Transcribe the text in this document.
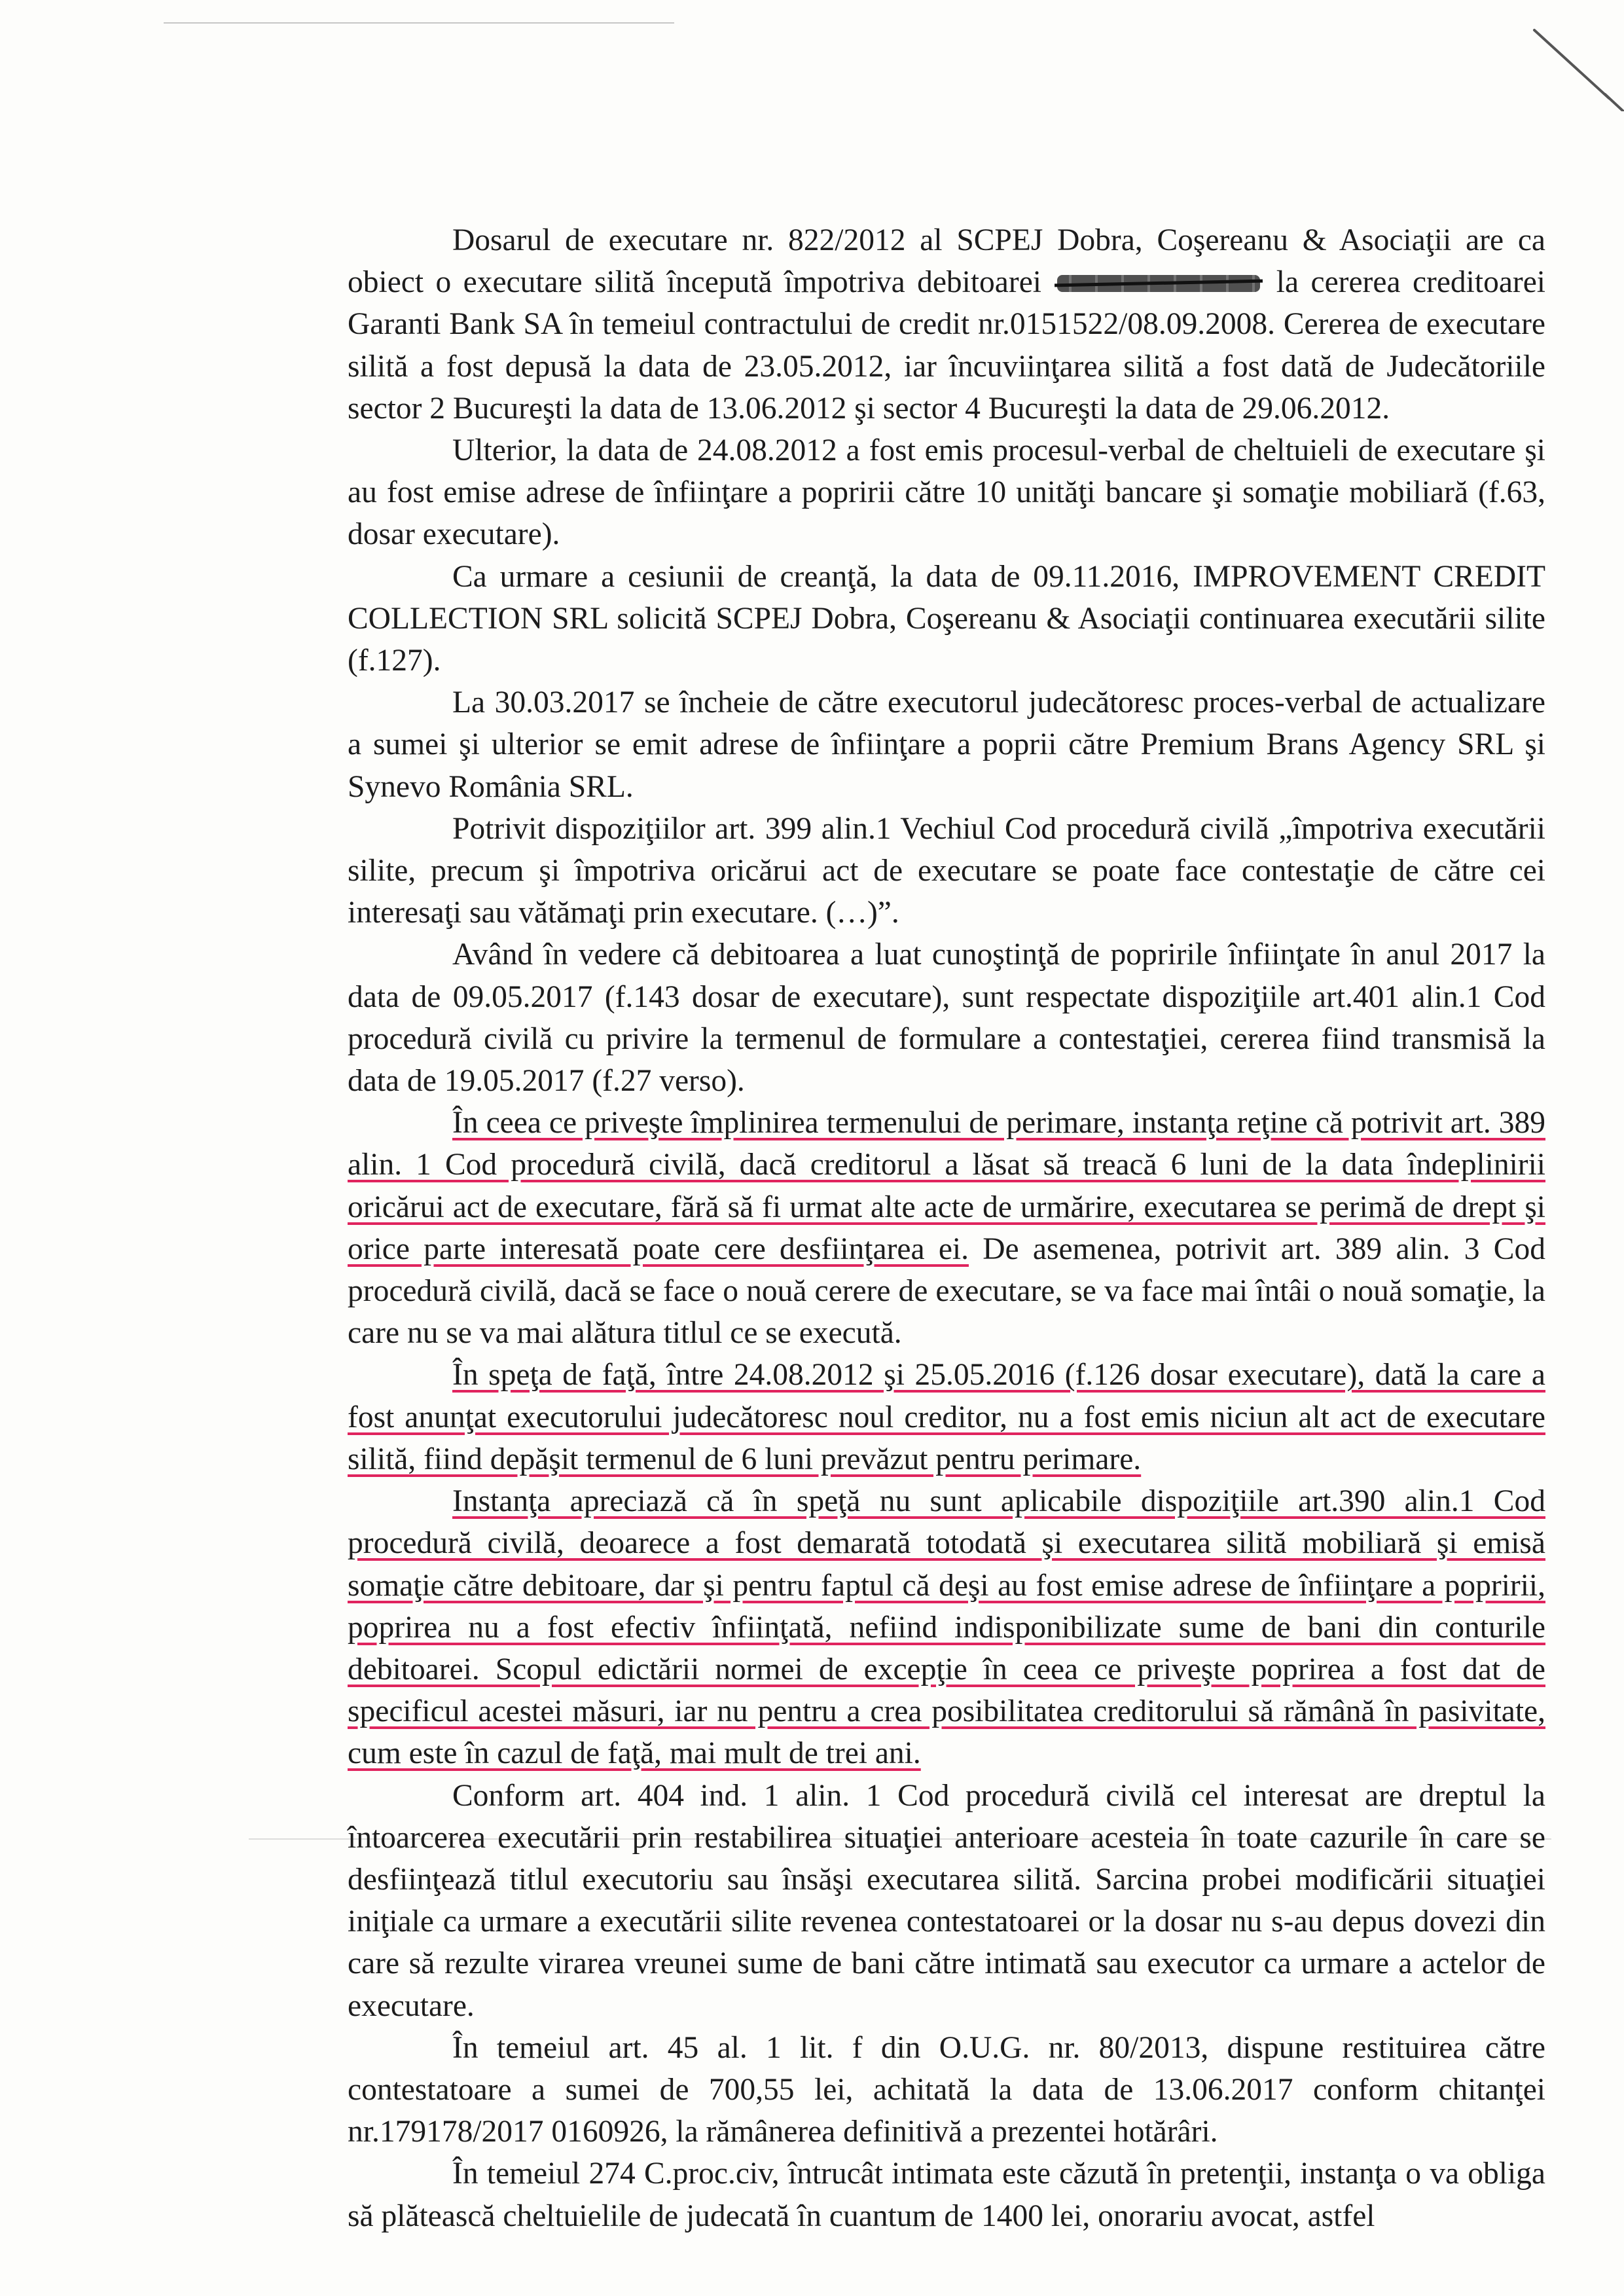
Dosarul de executare nr. 822/2012 al SCPEJ Dobra, Coşereanu & Asociaţii are ca obiect o executare silită începută împotriva debitoarei	la cererea creditoarei Garanti Bank SA în temeiul contractului de credit nr.0151522/08.09.2008. Cererea de executare silită a fost depusă la data de 23.05.2012, iar încuviinţarea silită a fost dată de Judecătoriile sector 2 Bucureşti la data de 13.06.2012 şi sector 4 Bucureşti la data de 29.06.2012.

Ulterior, la data de 24.08.2012 a fost emis procesul-verbal de cheltuieli de executare şi au fost emise adrese de înfiinţare a popririi către 10 unităţi bancare şi somaţie mobiliară (f.63, dosar executare).

Ca urmare a cesiunii de creanţă, la data de 09.11.2016, IMPROVEMENT CREDIT COLLECTION SRL solicită SCPEJ Dobra, Coşereanu & Asociaţii continuarea executării silite (f.127).

La 30.03.2017 se încheie de către executorul judecătoresc proces-verbal de actualizare a sumei şi ulterior se emit adrese de înfiinţare a poprii către Premium Brans Agency SRL şi Synevo România SRL.

Potrivit dispoziţiilor art. 399 alin.1 Vechiul Cod procedură civilă „împotriva executării silite, precum şi împotriva oricărui act de executare se poate face contestaţie de către cei interesaţi sau vătămaţi prin executare. (…)”.

Având în vedere că debitoarea a luat cunoştinţă de popririle înfiinţate în anul 2017 la data de 09.05.2017 (f.143 dosar de executare), sunt respectate dispoziţiile art.401 alin.1 Cod procedură civilă cu privire la termenul de formulare a contestaţiei, cererea fiind transmisă la data de 19.05.2017 (f.27 verso).

În ceea ce priveşte împlinirea termenului de perimare, instanţa reţine că potrivit art. 389 alin. 1 Cod procedură civilă, dacă creditorul a lăsat să treacă 6 luni de la data îndeplinirii oricărui act de executare, fără să fi urmat alte acte de urmărire, executarea se perimă de drept şi orice parte interesată poate cere desfiinţarea ei. De asemenea, potrivit art. 389 alin. 3 Cod procedură civilă, dacă se face o nouă cerere de executare, se va face mai întâi o nouă somaţie, la care nu se va mai alătura titlul ce se execută.

În speţa de faţă, între 24.08.2012 şi 25.05.2016 (f.126 dosar executare), dată la care a fost anunţat executorului judecătoresc noul creditor, nu a fost emis niciun alt act de executare silită, fiind depăşit termenul de 6 luni prevăzut pentru perimare.

Instanţa apreciază că în speţă nu sunt aplicabile dispoziţiile art.390 alin.1 Cod procedură civilă, deoarece a fost demarată totodată şi executarea silită mobiliară şi emisă somaţie către debitoare, dar şi pentru faptul că deşi au fost emise adrese de înfiinţare a popririi, poprirea nu a fost efectiv înfiinţată, nefiind indisponibilizate sume de bani din conturile debitoarei. Scopul edictării normei de excepţie în ceea ce priveşte poprirea a fost dat de specificul acestei măsuri, iar nu pentru a crea posibilitatea creditorului să rămână în pasivitate, cum este în cazul de faţă, mai mult de trei ani.

Conform art. 404 ind. 1 alin. 1 Cod procedură civilă cel interesat are dreptul la întoarcerea executării prin restabilirea situaţiei anterioare acesteia în toate cazurile în care se desfiinţează titlul executoriu sau însăşi executarea silită. Sarcina probei modificării situaţiei iniţiale ca urmare a executării silite revenea contestatoarei or la dosar nu s-au depus dovezi din care să rezulte virarea vreunei sume de bani către intimată sau executor ca urmare a actelor de executare.

În temeiul art. 45 al. 1 lit. f din O.U.G. nr. 80/2013, dispune restituirea către contestatoare a sumei de 700,55 lei, achitată la data de 13.06.2017 conform chitanţei nr.179178/2017 0160926, la rămânerea definitivă a prezentei hotărâri.

În temeiul 274 C.proc.civ, întrucât intimata este căzută în pretenţii, instanţa o va obliga să plătească cheltuielile de judecată în cuantum de 1400 lei, onorariu avocat, astfel
